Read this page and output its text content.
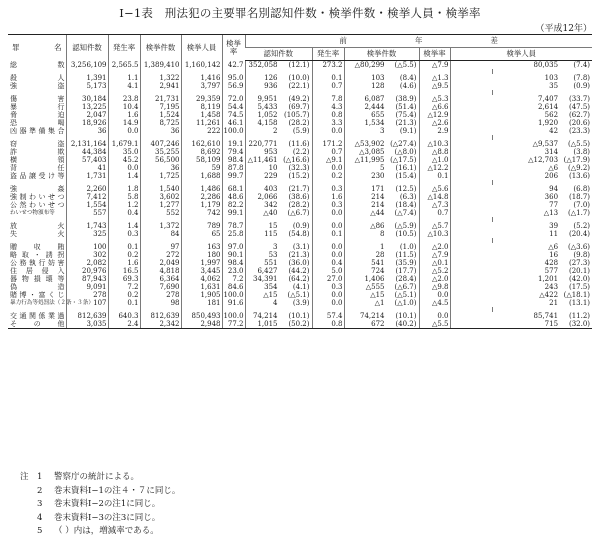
Ⅰ−1表　刑法犯の主要罪名別認知件数・検挙件数・検挙人員・検挙率
（平成12年）
罪 名	認知件数	発生率	検挙件数	検挙人員	検挙率	前 年 差					

						認知件数	発生率	検挙件数	検挙率	検挙人員	

総　　数	3,256,109	2,565.5	1,389,410	1,160,142	42.7	352,058 (12.1)	273.2	△80,299 (△5.5)	△7.9	80,035 (7.4)	

殺　　人	1,391	1.1	1,322	1,416	95.0	126 (10.0)	0.1	103 (8.4)	△1.3	103 (7.8)	

強　　盗	5,173	4.1	2,941	3,797	56.9	936 (22.1)	0.7	128 (4.6)	△9.5	35 (0.9)	

傷　　害	30,184	23.8	21,731	29,359	72.0	9,951 (49.2)	7.8	6,087 (38.9)	△5.3	7,407 (33.7)	

暴　　行	13,225	10.4	7,195	8,119	54.4	5,433 (69.7)	4.3	2,444 (51.4)	△6.6	2,614 (47.5)	

脅　　迫	2,047	1.6	1,524	1,458	74.5	1,052 (105.7)	0.8	655 (75.4)	△12.9	562 (62.7)	

恐　　喝	18,926	14.9	8,725	11,261	46.1	4,158 (28.2)	3.3	1,534 (21.3)	△2.6	1,920 (20.6)	

凶器準備集合	36	0.0	36	222	100.0	2 (5.9)	0.0	3 (9.1)	2.9	42 (23.3)	

窃　　盗	2,131,164	1,679.1	407,246	162,610	19.1	220,771 (11.6)	171.2	△53,902 (△27.4)	△10.3	△9,537 (△5.5)	

詐　　欺	44,384	35.0	35,255	8,692	79.4	953 (2.2)	0.7	△3,085 (△8.0)	△8.8	314 (3.8)	

横　　領	57,403	45.2	56,500	58,109	98.4	△11,461 (△16.6)	△9.1	△11,995 (△17.5)	△1.0	△12,703 (△17.9)	

背　　任	41	0.0	36	59	87.8	10 (32.3)	0.0	5 (16.1)	△12.2	△6 (△9.2)	

盗品譲受け等	1,731	1.4	1,725	1,688	99.7	229 (15.2)	0.2	230 (15.4)	0.1	206 (13.6)	

強　　姦	2,260	1.8	1,540	1,486	68.1	403 (21.7)	0.3	171 (12.5)	△5.6	94 (6.8)	

強制わいせつ	7,412	5.8	3,602	2,286	48.6	2,066 (38.6)	1.6	214 (6.3)	△14.8	360 (18.7)	

公然わいせつ	1,554	1.2	1,277	1,179	82.2	342 (28.2)	0.3	214 (18.4)	△7.3	77 (7.0)	

わいせつ物頒布等	557	0.4	552	742	99.1	△40 (△6.7)	0.0	△44 (△7.4)	0.7	△13 (△1.7)	

放　　火	1,743	1.4	1,372	789	78.7	15 (0.9)	0.0	△86 (△5.9)	△5.7	39 (5.2)	

失　　火	325	0.3	84	65	25.8	115 (54.8)	0.1	8 (10.5)	△10.3	11 (20.4)	

贈　収　賄	100	0.1	97	163	97.0	3 (3.1)	0.0	1 (1.0)	△2.0	△6 (△3.6)	

略取・誘拐	302	0.2	272	180	90.1	53 (21.3)	0.0	28 (11.5)	△7.9	16 (9.8)	

公務執行妨害	2,082	1.6	2,049	1,997	98.4	551 (36.0)	0.4	541 (35.9)	△0.1	428 (27.3)	

住居侵入	20,976	16.5	4,818	3,445	23.0	6,427 (44.2)	5.0	724 (17.7)	△5.2	577 (20.1)	

器物損壊等	87,943	69.3	6,364	4,062	7.2	34,391 (64.2)	27.0	1,406 (28.4)	△2.0	1,201 (42.0)	

偽　　造	9,091	7.2	7,690	1,631	84.6	354 (4.1)	0.3	△555 (△6.7)	△9.8	243 (17.5)	

賭博・富くじ	278	0.2	278	1,905	100.0	△15 (△5.1)	0.0	△15 (△5.1)	0.0	△422 (△18.1)	

暴力行為等処罰法（２条・３条）	107	0.1	98	181	91.6	4 (3.9)	0.0	△1 (△1.0)	△4.5	21 (13.1)	

交通関係業過	812,639	640.3	812,639	850,493	100.0	74,214 (10.1)	57.4	74,214 (10.1)	0.0	85,741 (11.2)	

そ　の　他	3,035	2.4	2,342	2,948	77.2	1,015 (50.2)	0.8	672 (40.2)	△5.5	715 (32.0)	
注　1	警察庁の統計による。
　　2	巻末資料Ⅰ−1の注４・７に同じ。
　　3	巻末資料Ⅰ−2の注1に同じ。
　　4	巻末資料Ⅰ−3の注3に同じ。
　　5	（ ）内は，増減率である。
